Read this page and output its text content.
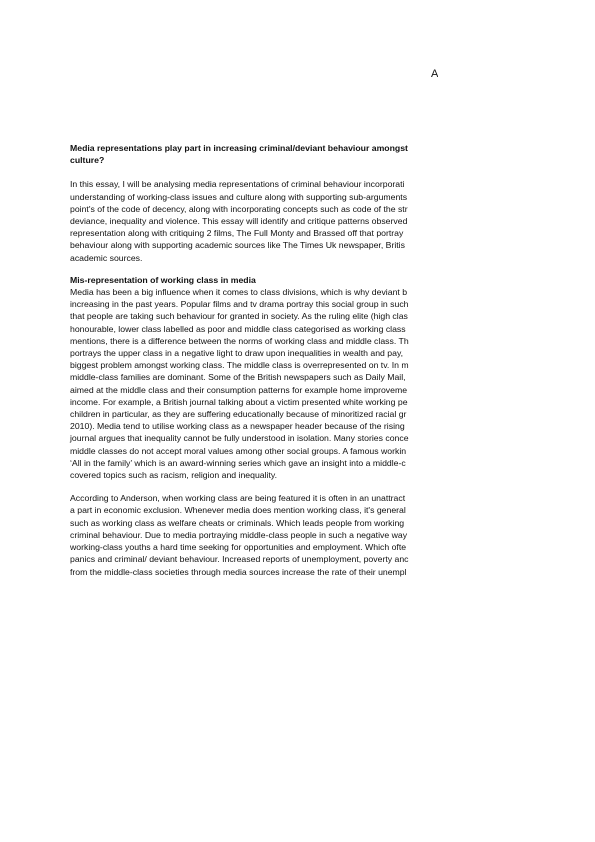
A
Media representations play part in increasing criminal/deviant behaviour amongst
culture?
In this essay, I will be analysing media representations of criminal behaviour incorporati
understanding of working-class issues and culture along with supporting sub-arguments
point's of the code of decency, along with incorporating concepts such as code of the str
deviance, inequality and violence. This essay will identify and critique patterns observed
representation along with critiquing 2 films, The Full Monty and Brassed off that portray
behaviour along with supporting academic sources like The Times Uk newspaper, Britis
academic sources.
Mis-representation of working class in media
Media has been a big influence when it comes to class divisions, which is why deviant b
increasing in the past years. Popular films and tv drama portray this social group in such
that people are taking such behaviour for granted in society. As the ruling elite (high clas
honourable, lower class labelled as poor and middle class categorised as working class
mentions, there is a difference between the norms of working class and middle class. Th
portrays the upper class in a negative light to draw upon inequalities in wealth and pay,
biggest problem amongst working class. The middle class is overrepresented on tv. In m
middle-class families are dominant. Some of the British newspapers such as Daily Mail,
aimed at the middle class and their consumption patterns for example home improveme
income. For example, a British journal talking about a victim presented white working pe
children in particular, as they are suffering educationally because of minoritized racial gr
2010). Media tend to utilise working class as a newspaper header because of the rising
journal argues that inequality cannot be fully understood in isolation. Many stories conce
middle classes do not accept moral values among other social groups. A famous workin
‘All in the family’ which is an award-winning series which gave an insight into a middle-c
covered topics such as racism, religion and inequality.
According to Anderson, when working class are being featured it is often in an unattract
a part in economic exclusion. Whenever media does mention working class, it's general
such as working class as welfare cheats or criminals. Which leads people from working
criminal behaviour. Due to media portraying middle-class people in such a negative way
working-class youths a hard time seeking for opportunities and employment. Which ofte
panics and criminal/ deviant behaviour. Increased reports of unemployment, poverty anc
from the middle-class societies through media sources increase the rate of their unempl
